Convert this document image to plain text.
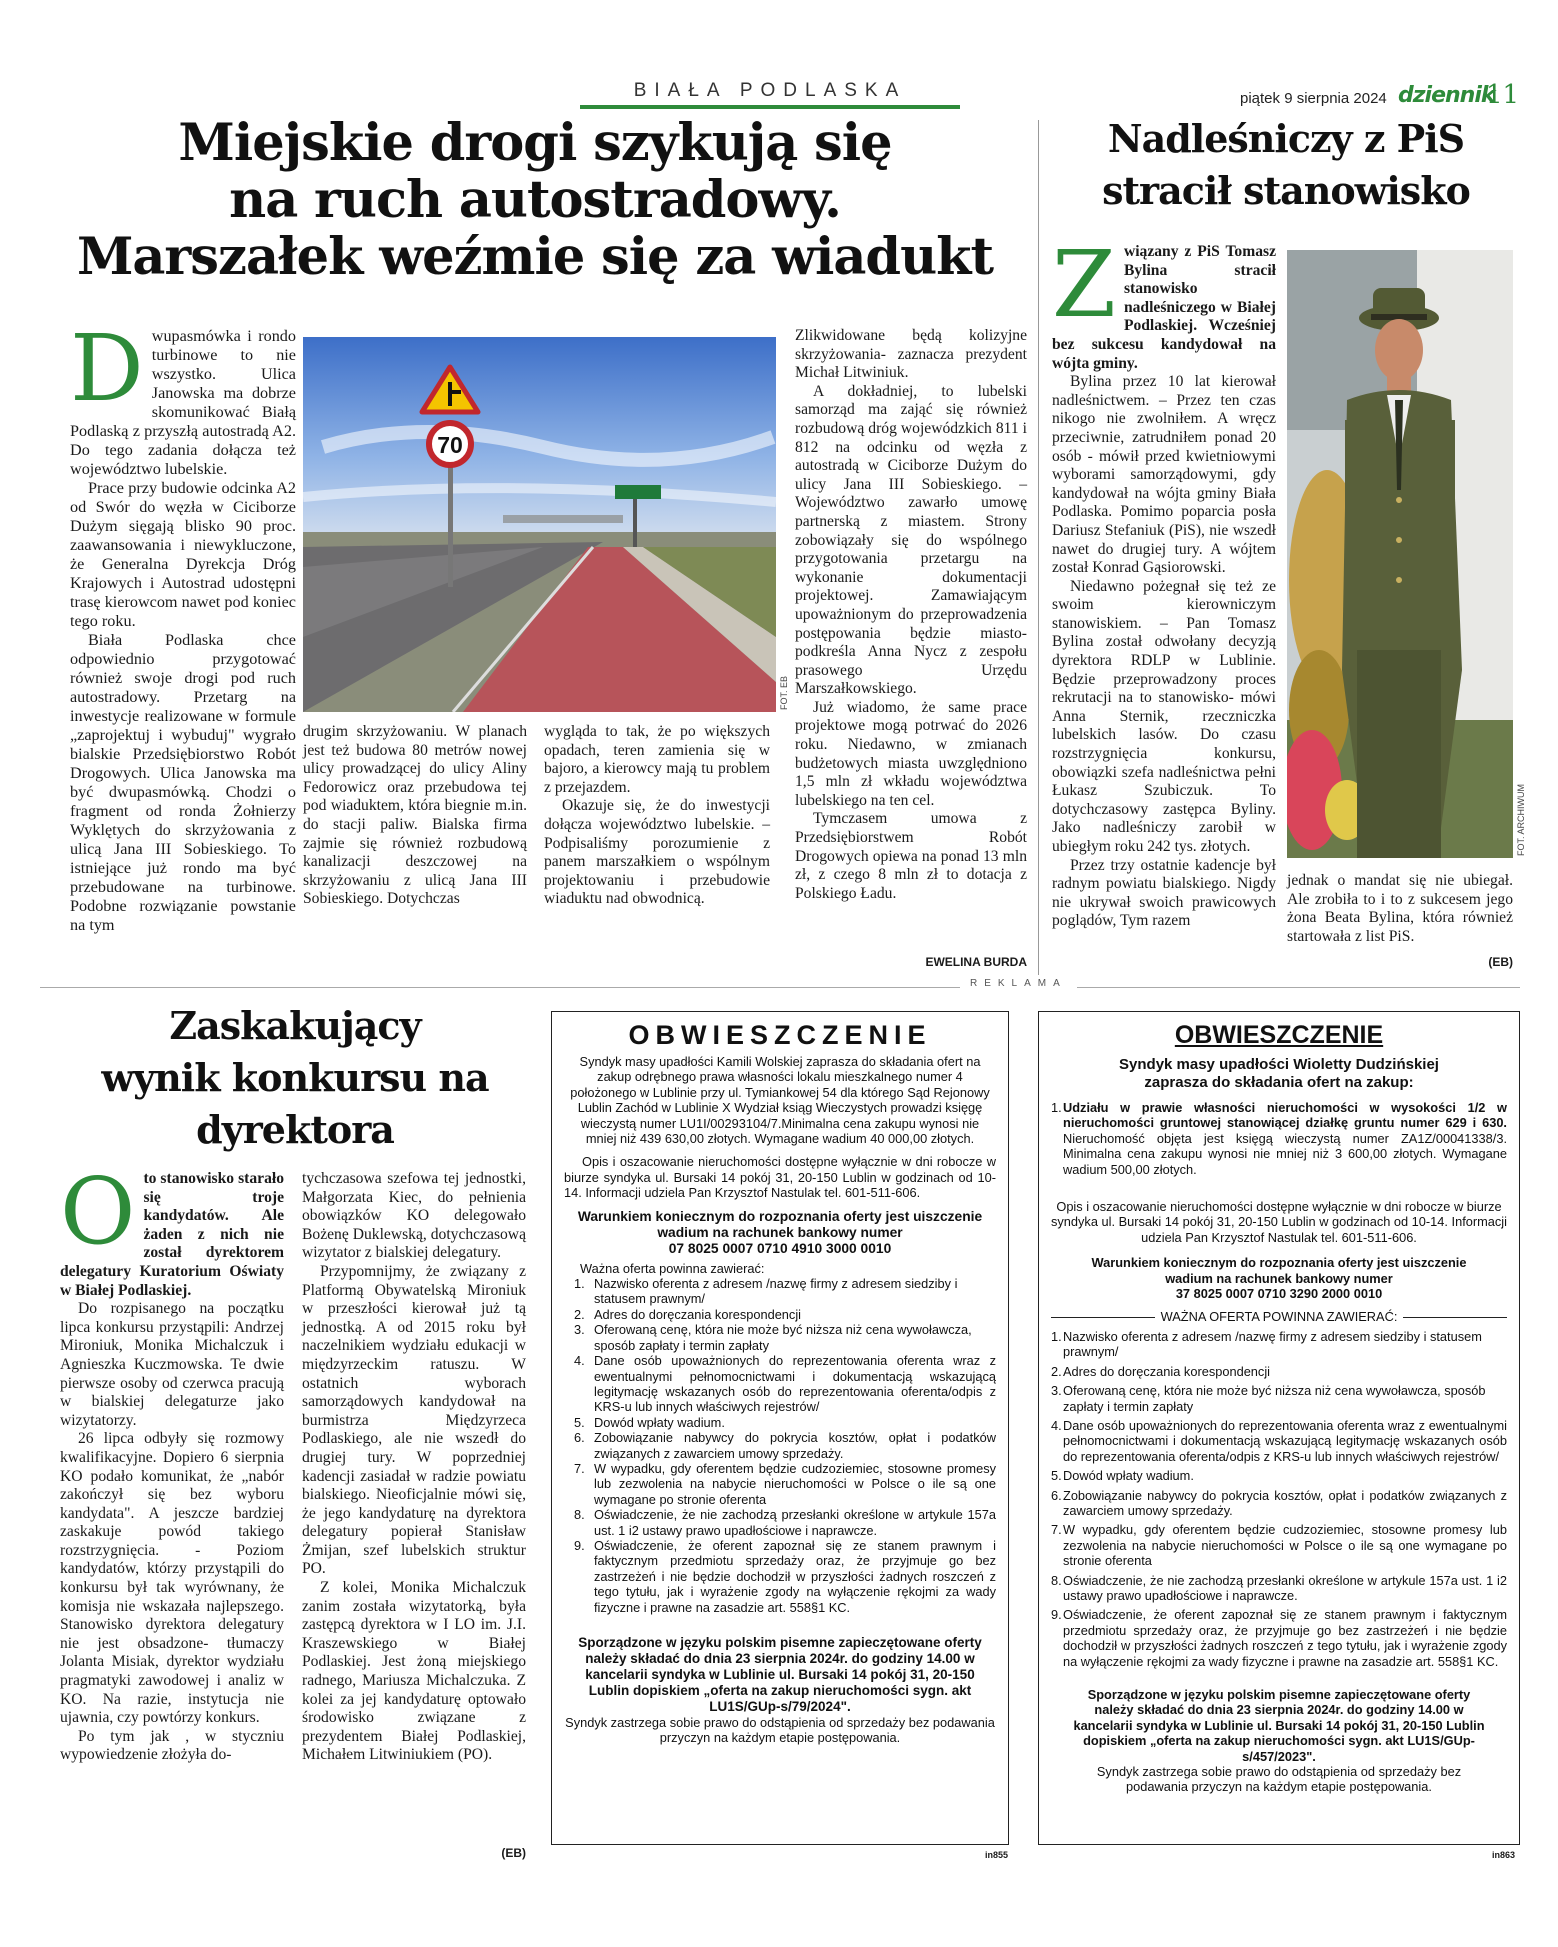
BIAŁA PODLASKA	piątek 9 sierpnia 2024 dziennik
11
Miejskie drogi szykują się
na ruch autostradowy.
Marszałek weźmie się za wiadukt
D wupasmówka i rondo turbinowe to nie wszystko. Ulica Janowska ma dobrze skomunikować Białą Podlaską z przyszłą autostradą A2. Do tego zadania dołącza też województwo lubelskie.

Prace przy budowie odcinka A2 od Swór do węzła w Ciciborze Dużym sięgają blisko 90 proc. zaawansowania i niewykluczone, że Generalna Dyrekcja Dróg Krajowych i Autostrad udostępni trasę kierowcom nawet pod koniec tego roku.

Biała Podlaska chce odpowiednio przygotować również swoje drogi pod ruch autostradowy. Przetarg na inwestycje realizowane w formule „zaprojektuj i wybuduj" wygrało bialskie Przedsiębiorstwo Robót Drogowych. Ulica Janowska ma być dwupasmówką. Chodzi o fragment od ronda Żołnierzy Wyklętych do skrzyżowania z ulicą Jana III Sobieskiego. To istniejące już rondo ma być przebudowane na turbinowe. Podobne rozwiązanie powstanie na tym

70
FOT. EB

drugim skrzyżowaniu. W planach jest też budowa 80 metrów nowej ulicy prowadzącej do ulicy Aliny Fedorowicz oraz przebudowa tej pod wiaduktem, która biegnie m.in. do stacji paliw. Bialska firma zajmie się również rozbudową kanalizacji deszczowej na skrzyżowaniu z ulicą Jana III Sobieskiego. Dotychczas

wygląda to tak, że po większych opadach, teren zamienia się w bajoro, a kierowcy mają tu problem z przejazdem.

Okazuje się, że do inwestycji dołącza województwo lubelskie. – Podpisaliśmy porozumienie z panem marszałkiem o wspólnym projektowaniu i przebudowie wiaduktu nad obwodnicą.

Zlikwidowane będą kolizyjne skrzyżowania- zaznacza prezydent Michał Litwiniuk.

A dokładniej, to lubelski samorząd ma zająć się również rozbudową dróg wojewódzkich 811 i 812 na odcinku od węzła z autostradą w Ciciborze Dużym do ulicy Jana III Sobieskiego. – Województwo zawarło umowę partnerską z miastem. Strony zobowiązały się do wspólnego przygotowania przetargu na wykonanie dokumentacji projektowej. Zamawiającym upoważnionym do przeprowadzenia postępowania będzie miasto-podkreśla Anna Nycz z zespołu prasowego Urzędu Marszałkowskiego.

Już wiadomo, że same prace projektowe mogą potrwać do 2026 roku. Niedawno, w zmianach budżetowych miasta uwzględniono 1,5 mln zł wkładu województwa lubelskiego na ten cel.

Tymczasem umowa z Przedsiębiorstwem Robót Drogowych opiewa na ponad 13 mln zł, z czego 8 mln zł to dotacja z Polskiego Ładu.

EWELINA BURDA
Nadleśniczy z PiS
stracił stanowisko
Z wiązany z PiS Tomasz Bylina stracił stanowisko nadleśniczego w Białej Podlaskiej. Wcześniej bez sukcesu kandydował na wójta gminy.

Bylina przez 10 lat kierował nadleśnictwem. – Przez ten czas nikogo nie zwolniłem. A wręcz przeciwnie, zatrudniłem ponad 20 osób - mówił przed kwietniowymi wyborami samorządowymi, gdy kandydował na wójta gminy Biała Podlaska. Pomimo poparcia posła Dariusz Stefaniuk (PiS), nie wszedł nawet do drugiej tury. A wójtem został Konrad Gąsiorowski.

Niedawno pożegnał się też ze swoim kierowniczym stanowiskiem. – Pan Tomasz Bylina został odwołany decyzją dyrektora RDLP w Lublinie. Będzie przeprowadzony proces rekrutacji na to stanowisko- mówi Anna Sternik, rzeczniczka lubelskich lasów. Do czasu rozstrzygnięcia konkursu, obowiązki szefa nadleśnictwa pełni Łukasz Szubiczuk. To dotychczasowy zastępca Byliny. Jako nadleśniczy zarobił w ubiegłym roku 242 tys. złotych.

Przez trzy ostatnie kadencje był radnym powiatu bialskiego. Nigdy nie ukrywał swoich prawicowych poglądów, Tym razem

FOT. ARCHIWUM

jednak o mandat się nie ubiegał. Ale zrobiła to i to z sukcesem jego żona Beata Bylina, która również startowała z list PiS.

(EB)
REKLAMA
Zaskakujący
wynik konkursu na
dyrektora
O to stanowisko starało się troje kandydatów. Ale żaden z nich nie został dyrektorem delegatury Kuratorium Oświaty w Białej Podlaskiej.

Do rozpisanego na początku lipca konkursu przystąpili: Andrzej Mironiuk, Monika Michalczuk i Agnieszka Kuczmowska. Te dwie pierwsze osoby od czerwca pracują w bialskiej delegaturze jako wizytatorzy.

26 lipca odbyły się rozmowy kwalifikacyjne. Dopiero 6 sierpnia KO podało komunikat, że „nabór zakończył się bez wyboru kandydata". A jeszcze bardziej zaskakuje powód takiego rozstrzygnięcia. - Poziom kandydatów, którzy przystąpili do konkursu był tak wyrównany, że komisja nie wskazała najlepszego. Stanowisko dyrektora delegatury nie jest obsadzone- tłumaczy Jolanta Misiak, dyrektor wydziału pragmatyki zawodowej i analiz w KO. Na razie, instytucja nie ujawnia, czy powtórzy konkurs.

Po tym jak , w styczniu wypowiedzenie złożyła do-

tychczasowa szefowa tej jednostki, Małgorzata Kiec, do pełnienia obowiązków KO delegowało Bożenę Duklewską, dotychczasową wizytator z bialskiej delegatury.

Przypomnijmy, że związany z Platformą Obywatelską Mironiuk w przeszłości kierował już tą jednostką. A od 2015 roku był naczelnikiem wydziału edukacji w międzyrzeckim ratuszu. W ostatnich wyborach samorządowych kandydował na burmistrza Międzyrzeca Podlaskiego, ale nie wszedł do drugiej tury. W poprzedniej kadencji zasiadał w radzie powiatu bialskiego. Nieoficjalnie mówi się, że jego kandydaturę na dyrektora delegatury popierał Stanisław Żmijan, szef lubelskich struktur PO.

Z kolei, Monika Michalczuk zanim została wizytatorką, była zastępcą dyrektora w I LO im. J.I. Kraszewskiego w Białej Podlaskiej. Jest żoną miejskiego radnego, Mariusza Michalczuka. Z kolei za jej kandydaturę optowało środowisko związane z prezydentem Białej Podlaskiej, Michałem Litwiniukiem (PO).

(EB)
OBWIESZCZENIE
Syndyk masy upadłości Kamili Wolskiej zaprasza do składania ofert na zakup odrębnego prawa własności lokalu mieszkalnego numer 4 położonego w Lublinie przy ul. Tymiankowej 54 dla którego Sąd Rejonowy Lublin Zachód w Lublinie X Wydział ksiąg Wieczystych prowadzi księgę wieczystą numer LU1I/00293104/7.Minimalna cena zakupu wynosi nie mniej niż 439 630,00 złotych. Wymagane wadium 40 000,00 złotych.
Opis i oszacowanie nieruchomości dostępne wyłącznie w dni robocze w biurze syndyka ul. Bursaki 14 pokój 31, 20-150 Lublin w godzinach od 10-14. Informacji udziela Pan Krzysztof Nastulak tel. 601-511-606.
Warunkiem koniecznym do rozpoznania oferty jest uiszczenie wadium na rachunek bankowy numer
07 8025 0007 0710 4910 3000 0010
Ważna oferta powinna zawierać:
1. Nazwisko oferenta z adresem /nazwę firmy z adresem siedziby i statusem prawnym/
2. Adres do doręczania korespondencji
3. Oferowaną cenę, która nie może być niższa niż cena wywoławcza, sposób zapłaty i termin zapłaty
4. Dane osób upoważnionych do reprezentowania oferenta wraz z ewentualnymi pełnomocnictwami i dokumentacją wskazującą legitymację wskazanych osób do reprezentowania oferenta/odpis z KRS-u lub innych właściwych rejestrów/
5. Dowód wpłaty wadium.
6. Zobowiązanie nabywcy do pokrycia kosztów, opłat i podatków związanych z zawarciem umowy sprzedaży.
7. W wypadku, gdy oferentem będzie cudzoziemiec, stosowne promesy lub zezwolenia na nabycie nieruchomości w Polsce o ile są one wymagane po stronie oferenta
8. Oświadczenie, że nie zachodzą przesłanki określone w artykule 157a ust. 1 i2 ustawy prawo upadłościowe i naprawcze.
9. Oświadczenie, że oferent zapoznał się ze stanem prawnym i faktycznym przedmiotu sprzedaży oraz, że przyjmuje go bez zastrzeżeń i nie będzie dochodził w przyszłości żadnych roszczeń z tego tytułu, jak i wyrażenie zgody na wyłączenie rękojmi za wady fizyczne i prawne na zasadzie art. 558§1 KC.
Sporządzone w języku polskim pisemne zapieczętowane oferty należy składać do dnia 23 sierpnia 2024r. do godziny 14.00 w kancelarii syndyka w Lublinie ul. Bursaki 14 pokój 31, 20-150 Lublin dopiskiem „oferta na zakup nieruchomości sygn. akt LU1S/GUp-s/79/2024".
Syndyk zastrzega sobie prawo do odstąpienia od sprzedaży bez podawania przyczyn na każdym etapie postępowania.
in855
OBWIESZCZENIE
Syndyk masy upadłości Wioletty Dudzińskiej zaprasza do składania ofert na zakup:
1. Udziału w prawie własności nieruchomości w wysokości 1/2 w nieruchomości gruntowej stanowiącej działkę gruntu numer 629 i 630. Nieruchomość objęta jest księgą wieczystą numer ZA1Z/00041338/3. Minimalna cena zakupu wynosi nie mniej niż 3 600,00 złotych. Wymagane wadium 500,00 złotych.
Opis i oszacowanie nieruchomości dostępne wyłącznie w dni robocze w biurze syndyka ul. Bursaki 14 pokój 31, 20-150 Lublin w godzinach od 10-14. Informacji udziela Pan Krzysztof Nastulak tel. 601-511-606.
Warunkiem koniecznym do rozpoznania oferty jest uiszczenie wadium na rachunek bankowy numer
37 8025 0007 0710 3290 2000 0010
WAŻNA OFERTA POWINNA ZAWIERAĆ:
1. Nazwisko oferenta z adresem /nazwę firmy z adresem siedziby i statusem prawnym/
2. Adres do doręczania korespondencji
3. Oferowaną cenę, która nie może być niższa niż cena wywoławcza, sposób zapłaty i termin zapłaty
4. Dane osób upoważnionych do reprezentowania oferenta wraz z ewentualnymi pełnomocnictwami i dokumentacją wskazującą legitymację wskazanych osób do reprezentowania oferenta/odpis z KRS-u lub innych właściwych rejestrów/
5. Dowód wpłaty wadium.
6. Zobowiązanie nabywcy do pokrycia kosztów, opłat i podatków związanych z zawarciem umowy sprzedaży.
7. W wypadku, gdy oferentem będzie cudzoziemiec, stosowne promesy lub zezwolenia na nabycie nieruchomości w Polsce o ile są one wymagane po stronie oferenta
8. Oświadczenie, że nie zachodzą przesłanki określone w artykule 157a ust. 1 i2 ustawy prawo upadłościowe i naprawcze.
9. Oświadczenie, że oferent zapoznał się ze stanem prawnym i faktycznym przedmiotu sprzedaży oraz, że przyjmuje go bez zastrzeżeń i nie będzie dochodził w przyszłości żadnych roszczeń z tego tytułu, jak i wyrażenie zgody na wyłączenie rękojmi za wady fizyczne i prawne na zasadzie art. 558§1 KC.
Sporządzone w języku polskim pisemne zapieczętowane oferty należy składać do dnia 23 sierpnia 2024r. do godziny 14.00 w kancelarii syndyka w Lublinie ul. Bursaki 14 pokój 31, 20-150 Lublin dopiskiem „oferta na zakup nieruchomości sygn. akt LU1S/GUp-s/457/2023".
Syndyk zastrzega sobie prawo do odstąpienia od sprzedaży bez podawania przyczyn na każdym etapie postępowania.
in863
